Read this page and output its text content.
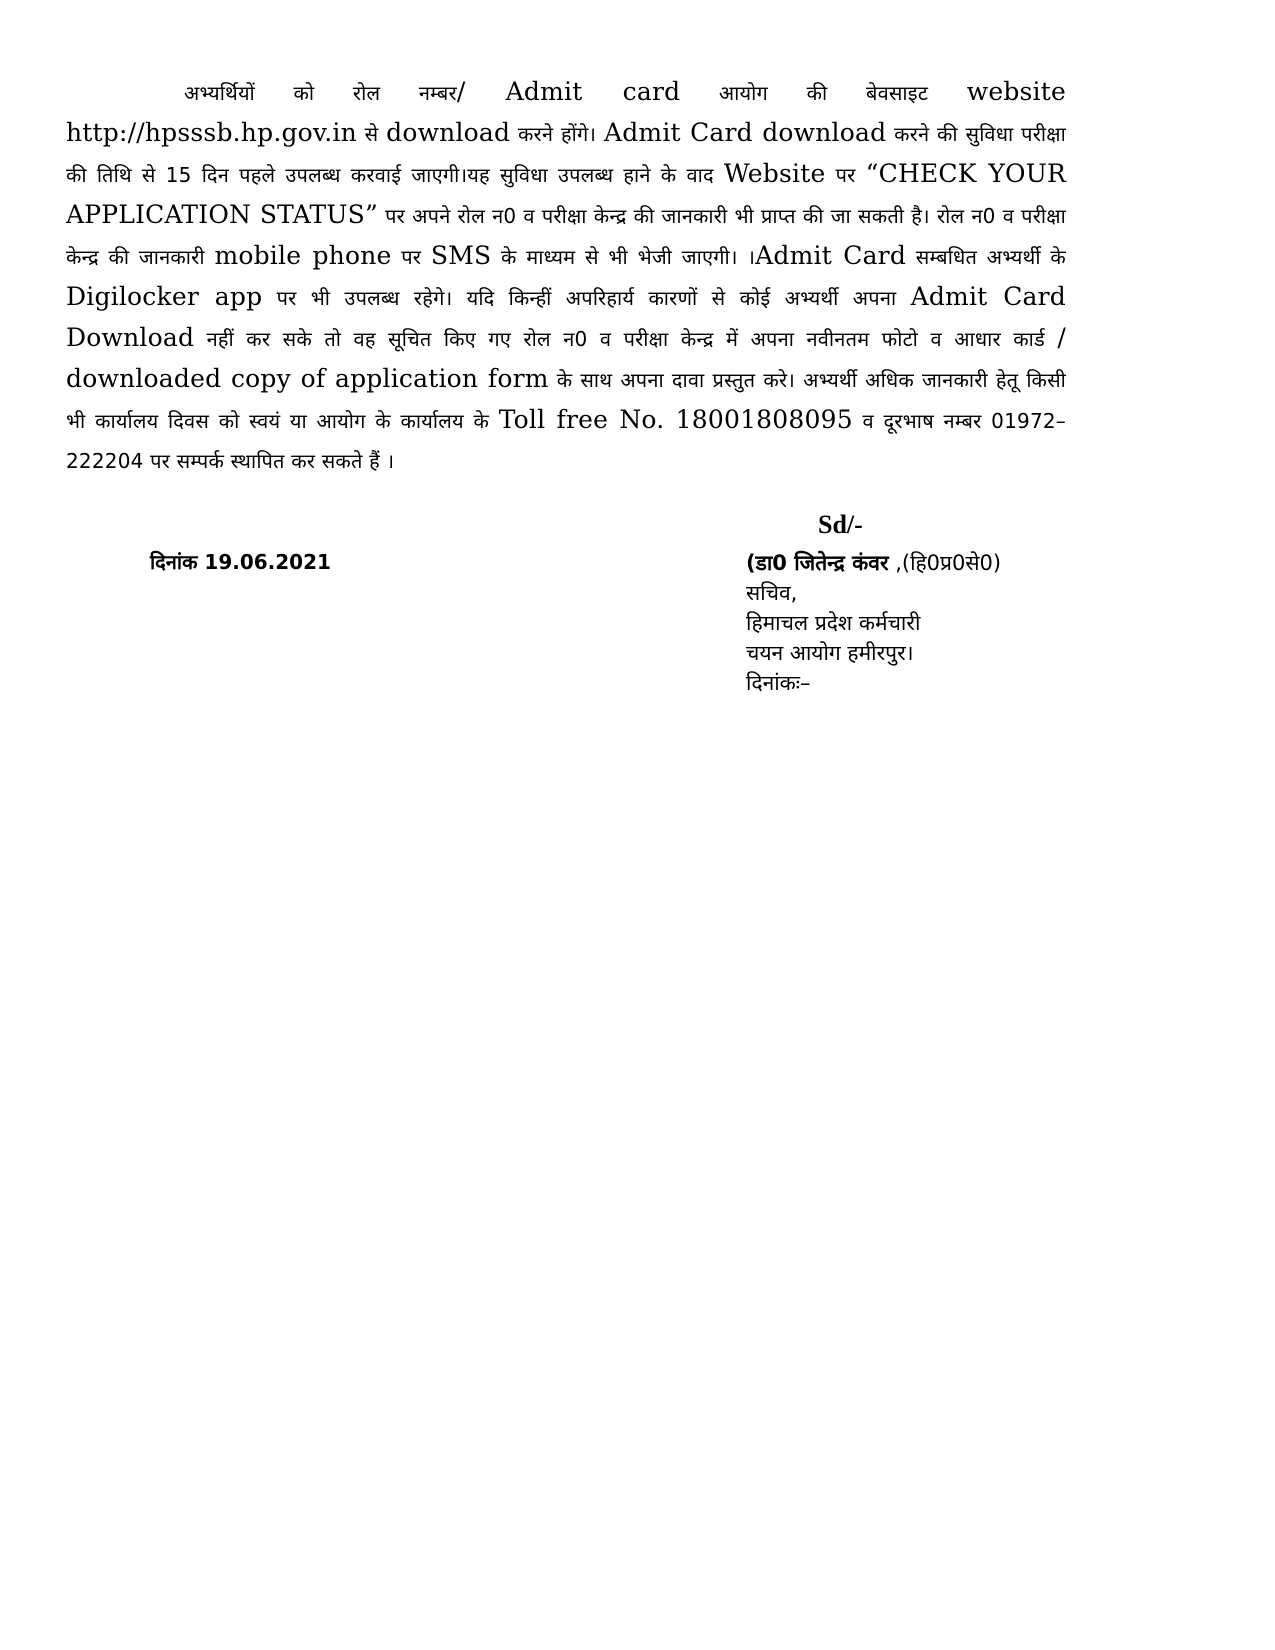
अभ्यर्थियों को रोल नम्बर/ Admit card आयोग की बेवसाइट website http://hpsssb.hp.gov.in से download करने होंगे। Admit Card download करने की सुविधा परीक्षा की तिथि से 15 दिन पहले उपलब्ध करवाई जाएगी।यह सुविधा उपलब्ध हाने के वाद Website पर “CHECK YOUR APPLICATION STATUS” पर अपने रोल न0 व परीक्षा केन्द्र की जानकारी भी प्राप्त की जा सकती है। रोल न0 व परीक्षा केन्द्र की जानकारी mobile phone पर SMS के माध्यम से भी भेजी जाएगी। ।Admit Card सम्बधित अभ्यर्थी के Digilocker app पर भी उपलब्ध रहेगे। यदि किन्हीं अपरिहार्य कारणों से कोई अभ्यर्थी अपना Admit Card Download नहीं कर सके तो वह सूचित किए गए रोल न0 व परीक्षा केन्द्र में अपना नवीनतम फोटो व आधार कार्ड / downloaded copy of application form के साथ अपना दावा प्रस्तुत करे। अभ्यर्थी अधिक जानकारी हेतू किसी भी कार्यालय दिवस को स्वयं या आयोग के कार्यालय के Toll free No. 18001808095 व दूरभाष नम्बर 01972–222204 पर सम्पर्क स्थापित कर सकते हैं ।

Sd/-
दिनांक 19.06.2021	(डा0 जितेन्द्र कंवर ,(हि0प्र0से0)
सचिव,
हिमाचल प्रदेश कर्मचारी
चयन आयोग हमीरपुर।
दिनांकः–
